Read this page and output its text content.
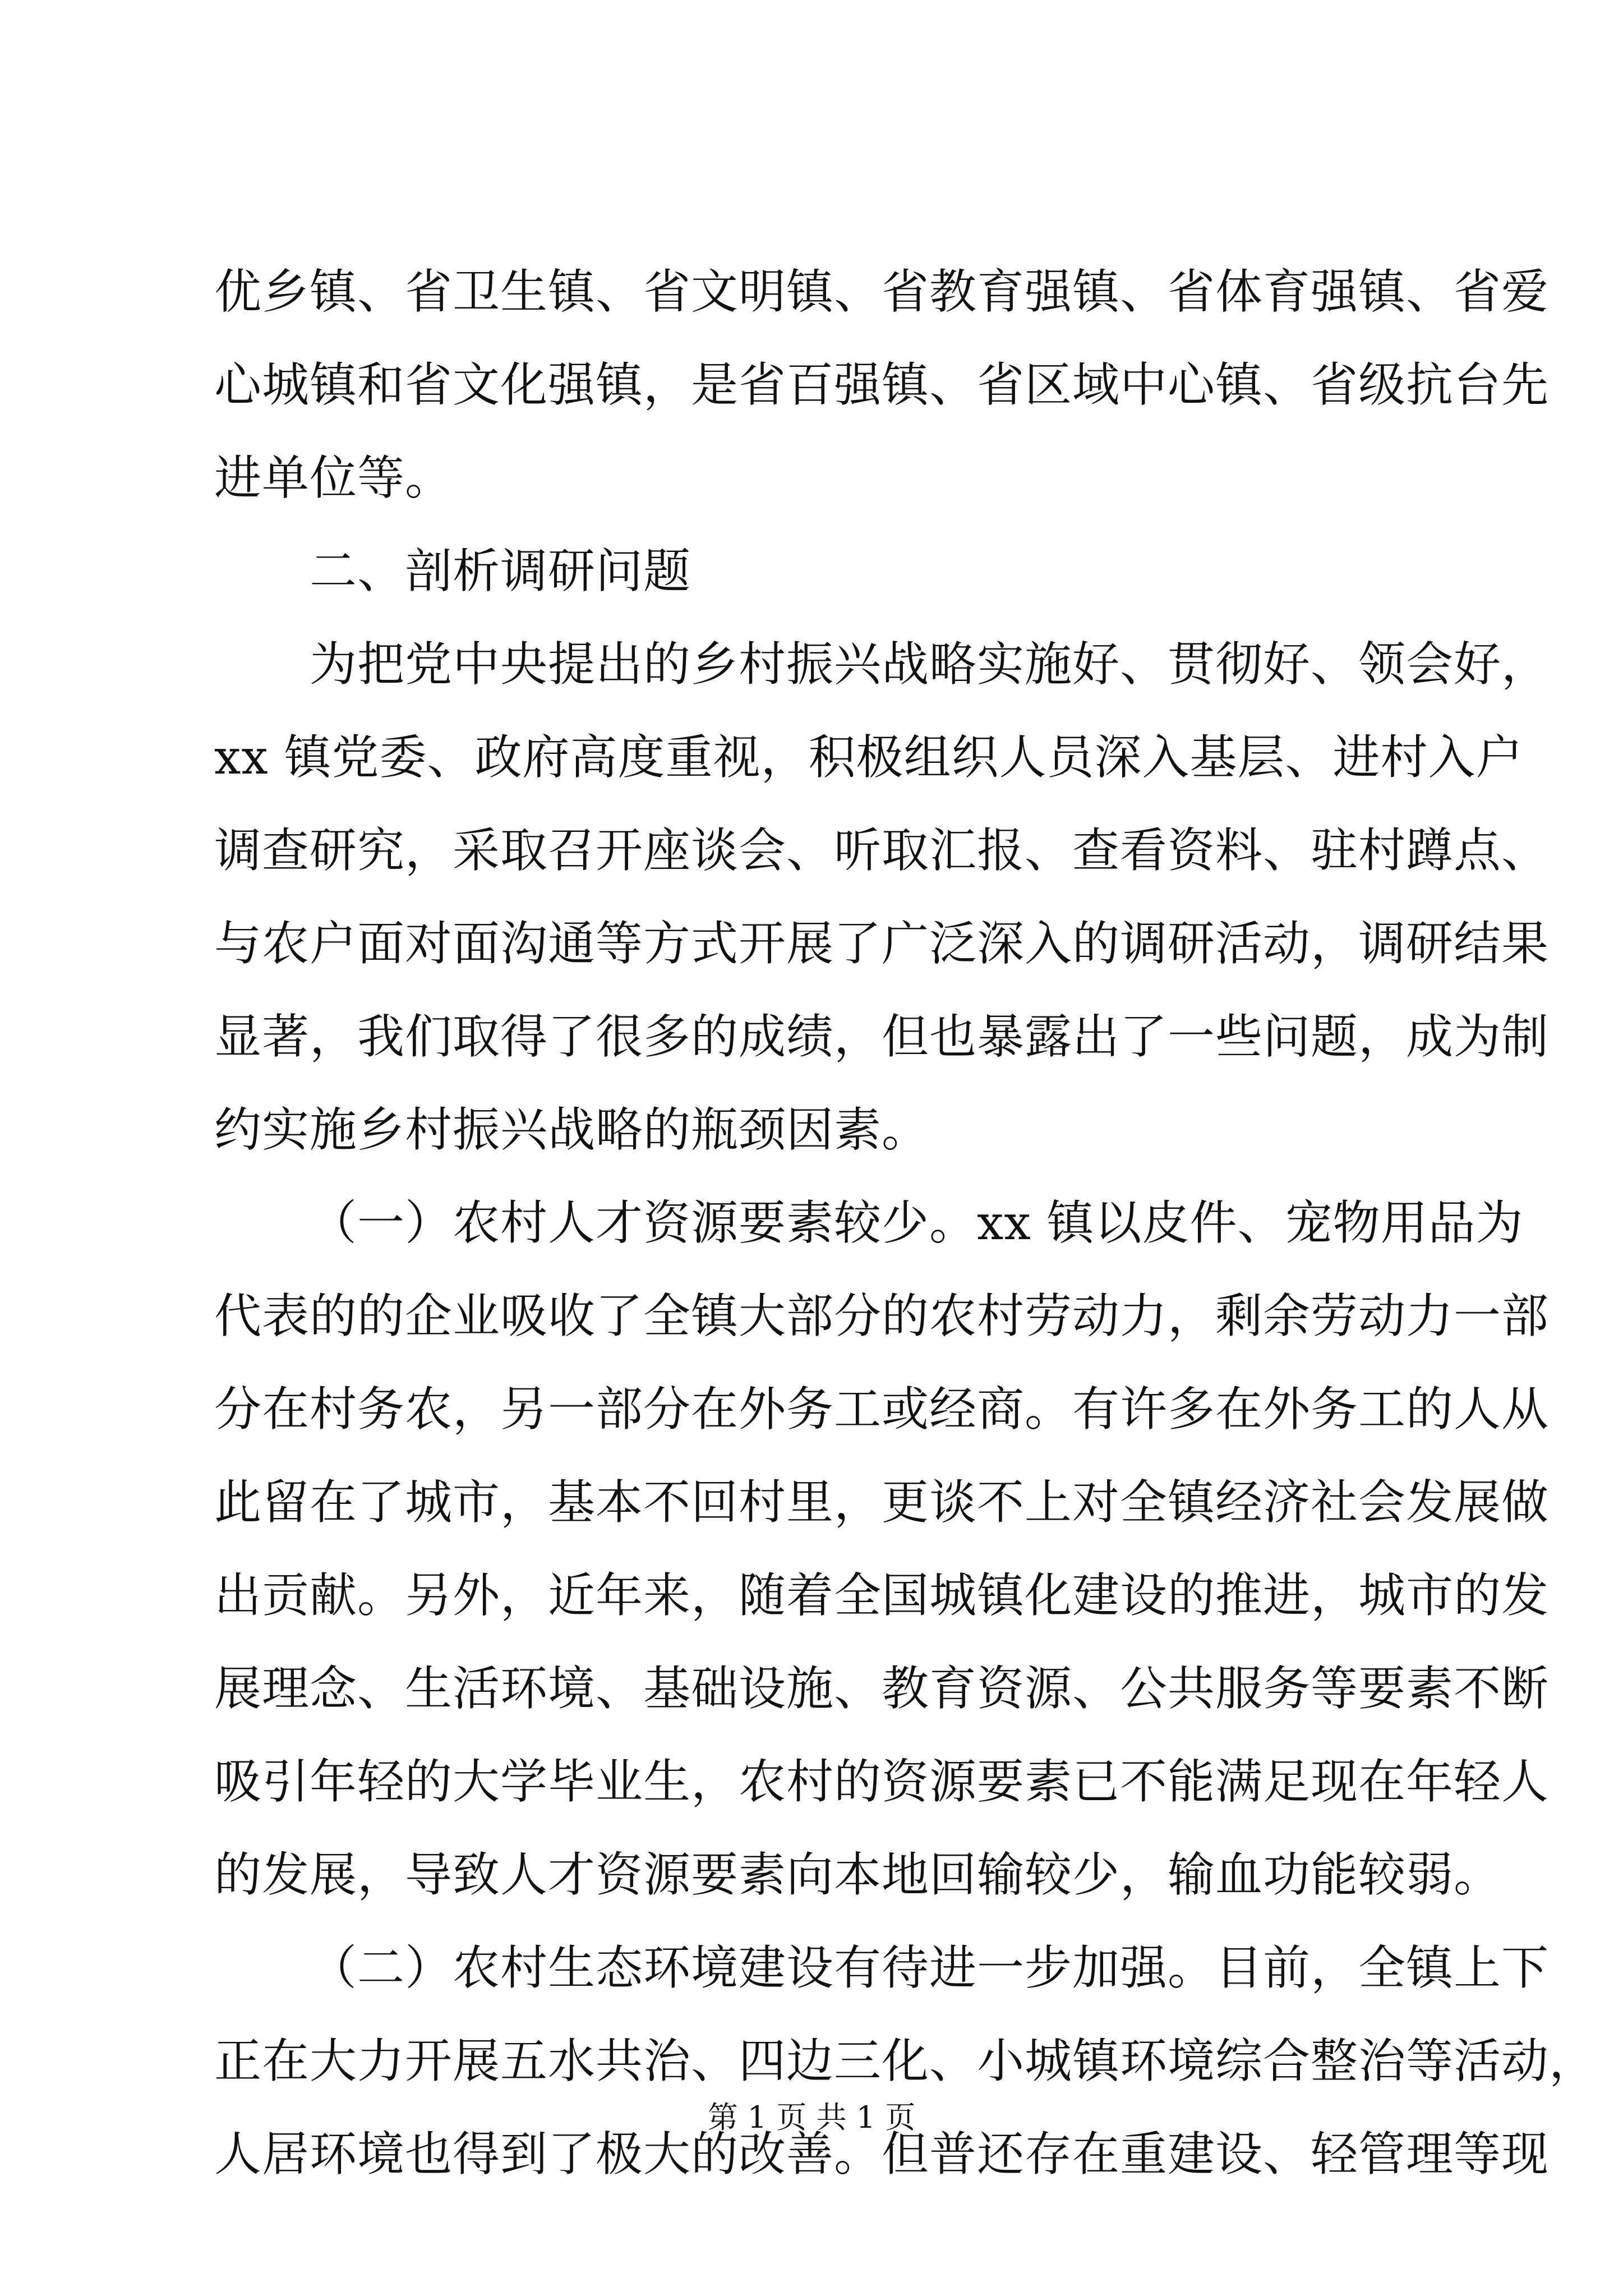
优乡镇、省卫生镇、省文明镇、省教育强镇、省体育强镇、省爱
心城镇和省文化强镇，是省百强镇、省区域中心镇、省级抗台先
进单位等。
二、剖析调研问题
为把党中央提出的乡村振兴战略实施好、贯彻好、领会好，
xx 镇党委、政府高度重视，积极组织人员深入基层、进村入户
调查研究，采取召开座谈会、听取汇报、查看资料、驻村蹲点、
与农户面对面沟通等方式开展了广泛深入的调研活动，调研结果
显著，我们取得了很多的成绩，但也暴露出了一些问题，成为制
约实施乡村振兴战略的瓶颈因素。
（一）农村人才资源要素较少。xx 镇以皮件、宠物用品为
代表的的企业吸收了全镇大部分的农村劳动力，剩余劳动力一部
分在村务农，另一部分在外务工或经商。有许多在外务工的人从
此留在了城市，基本不回村里，更谈不上对全镇经济社会发展做
出贡献。另外，近年来，随着全国城镇化建设的推进，城市的发
展理念、生活环境、基础设施、教育资源、公共服务等要素不断
吸引年轻的大学毕业生，农村的资源要素已不能满足现在年轻人
的发展，导致人才资源要素向本地回输较少，输血功能较弱。
（二）农村生态环境建设有待进一步加强。目前，全镇上下
正在大力开展五水共治、四边三化、小城镇环境综合整治等活动，
人居环境也得到了极大的改善。但普还存在重建设、轻管理等现
第 1 页 共 1 页
